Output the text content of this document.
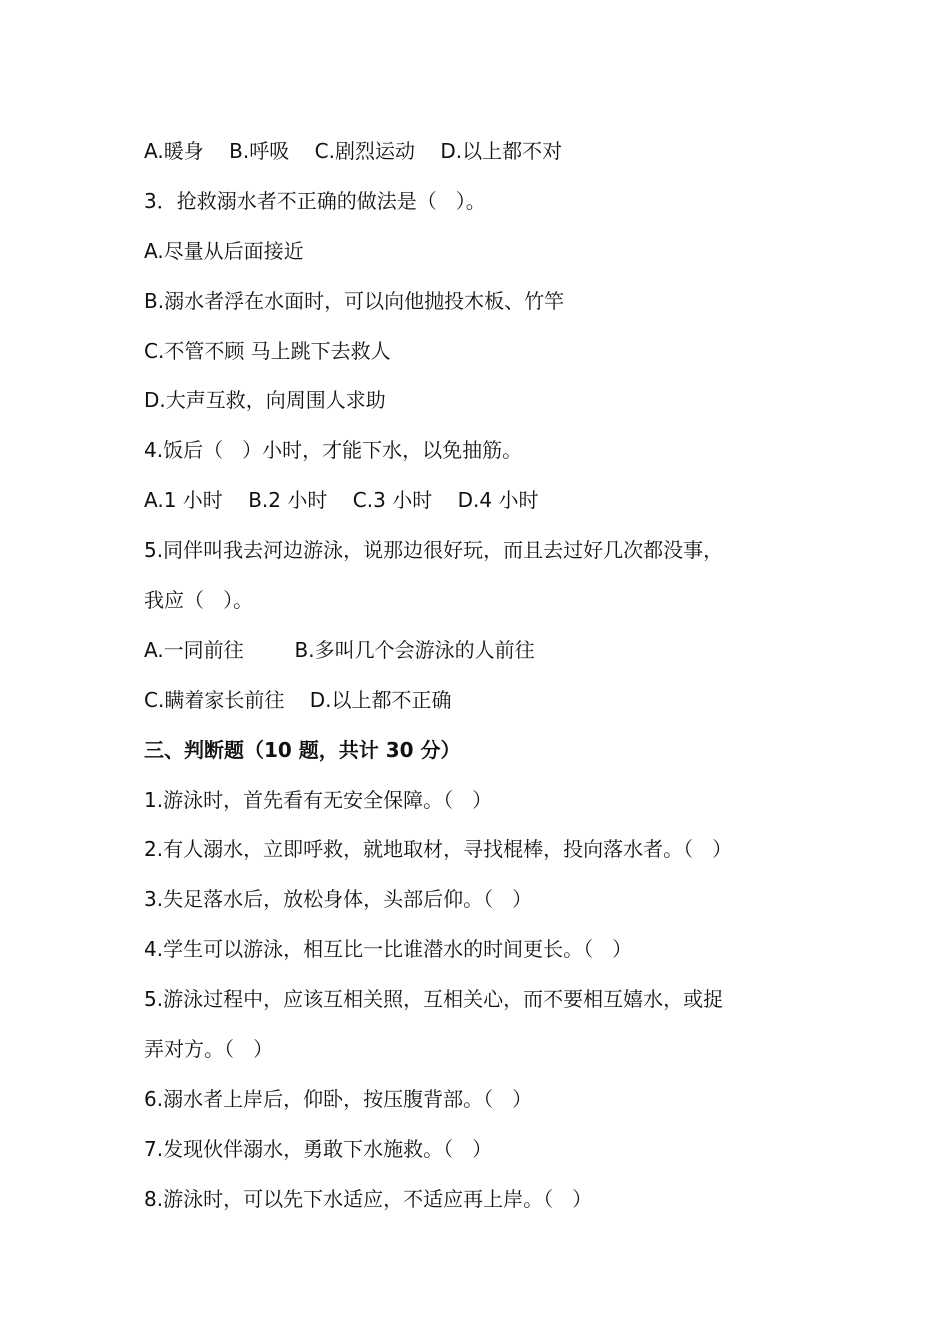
A.暖身    B.呼吸    C.剧烈运动    D.以上都不对
3．抢救溺水者不正确的做法是（   ）。
A.尽量从后面接近
B.溺水者浮在水面时，可以向他抛投木板、竹竿
C.不管不顾 马上跳下去救人
D.大声互救，向周围人求助
4.饭后（   ）小时，才能下水，以免抽筋。
A.1 小时    B.2 小时    C.3 小时    D.4 小时
5.同伴叫我去河边游泳，说那边很好玩，而且去过好几次都没事，
我应（   ）。
A.一同前往        B.多叫几个会游泳的人前往
C.瞒着家长前往    D.以上都不正确
三、判断题（10 题，共计 30 分）
1.游泳时，首先看有无安全保障。（   ）
2.有人溺水，立即呼救，就地取材，寻找棍棒，投向落水者。（   ）
3.失足落水后，放松身体，头部后仰。（   ）
4.学生可以游泳，相互比一比谁潜水的时间更长。（   ）
5.游泳过程中，应该互相关照，互相关心，而不要相互嬉水，或捉
弄对方。（   ）
6.溺水者上岸后，仰卧，按压腹背部。（   ）
7.发现伙伴溺水，勇敢下水施救。（   ）
8.游泳时，可以先下水适应，不适应再上岸。（   ）
